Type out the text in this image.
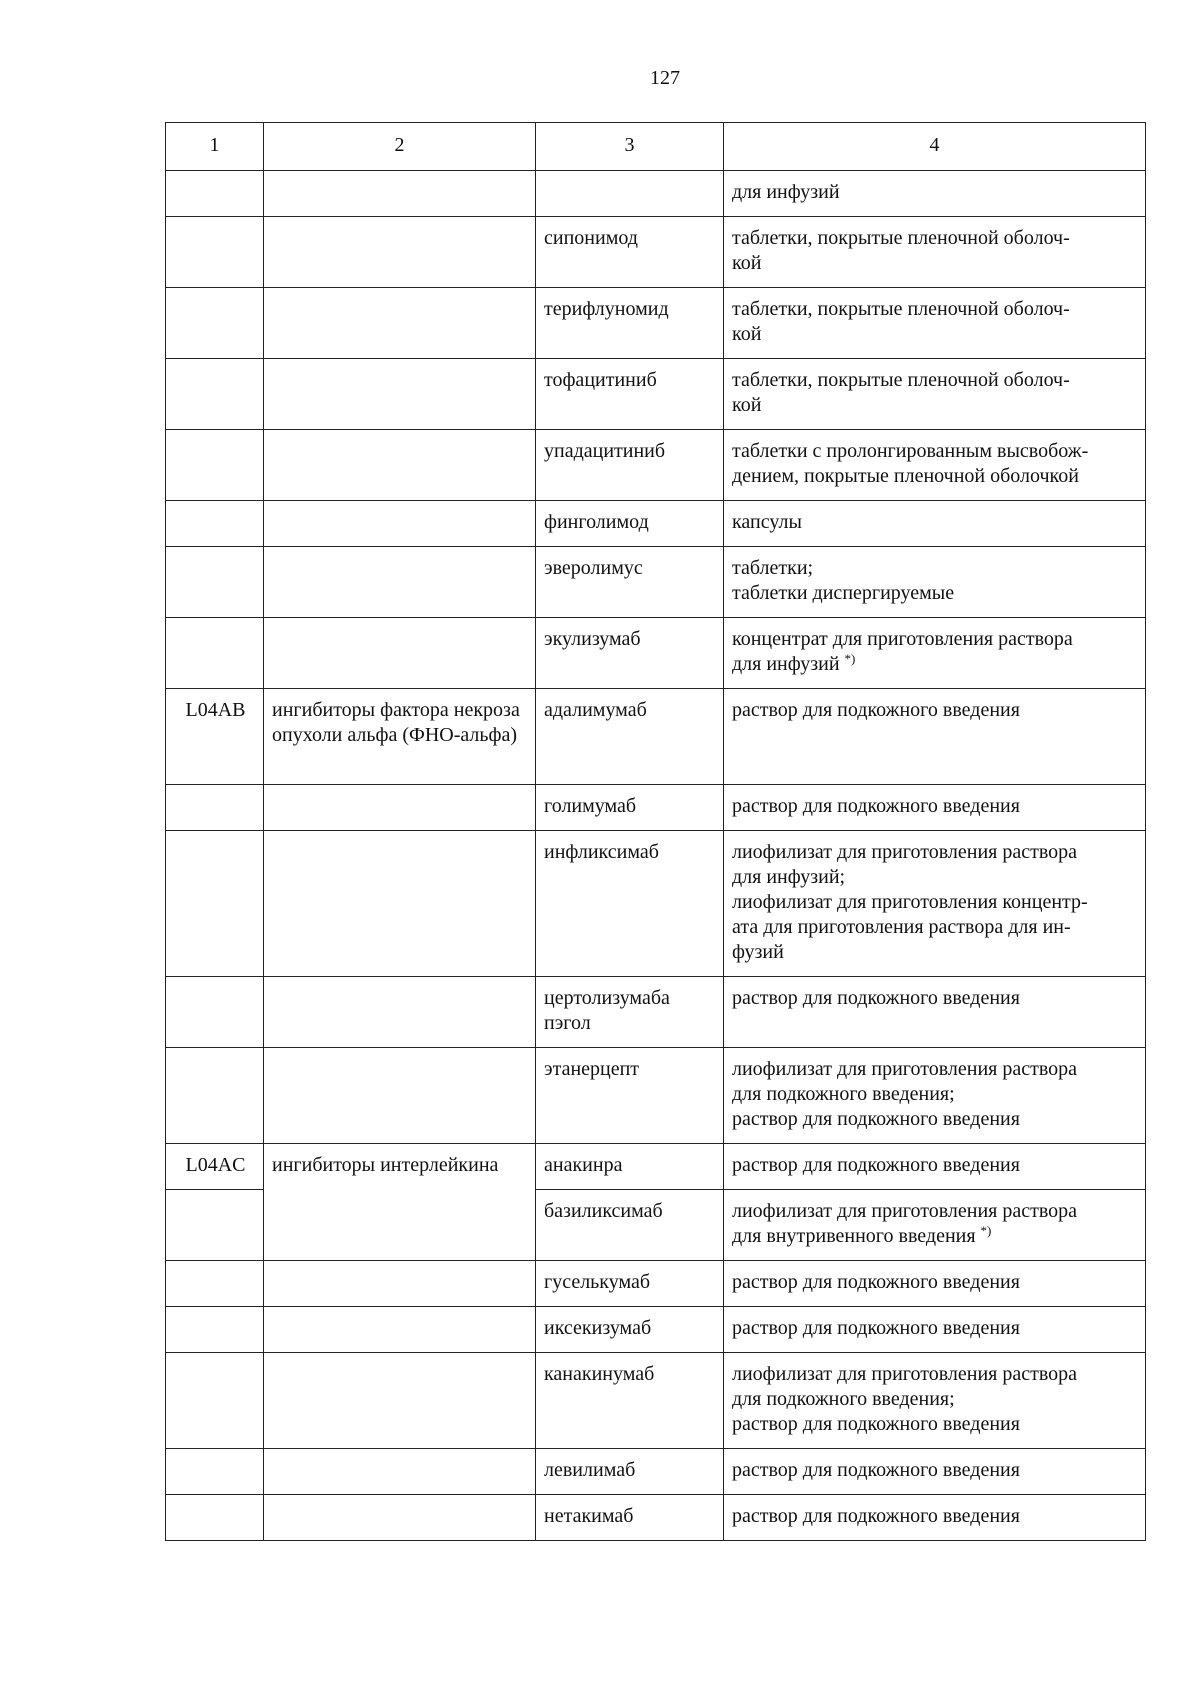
127
1	2	3	4

			для инфузий

		сипонимод	таблетки, покрытые пленочной оболоч-
кой

		терифлуномид	таблетки, покрытые пленочной оболоч-
кой

		тофацитиниб	таблетки, покрытые пленочной оболоч-
кой

		упадацитиниб	таблетки с пролонгированным высвобож-
дением, покрытые пленочной оболочкой

		финголимод	капсулы

		эверолимус	таблетки;
таблетки диспергируемые

		экулизумаб	концентрат для приготовления раствора
для инфузий *)

L04AB	ингибиторы фактора некроза опухоли альфа (ФНО-альфа)	адалимумаб	раствор для подкожного введения

		голимумаб	раствор для подкожного введения

		инфликсимаб	лиофилизат для приготовления раствора
для инфузий;
лиофилизат для приготовления концентр-
ата для приготовления раствора для ин-
фузий

		цертолизумаба пэгол	раствор для подкожного введения

		этанерцепт	лиофилизат для приготовления раствора
для подкожного введения;
раствор для подкожного введения

L04AC	ингибиторы интерлейкина	анакинра	раствор для подкожного введения

		базиликсимаб	лиофилизат для приготовления раствора
для внутривенного введения *)

		гуселькумаб	раствор для подкожного введения

		иксекизумаб	раствор для подкожного введения

		канакинумаб	лиофилизат для приготовления раствора
для подкожного введения;
раствор для подкожного введения

		левилимаб	раствор для подкожного введения

		нетакимаб	раствор для подкожного введения
